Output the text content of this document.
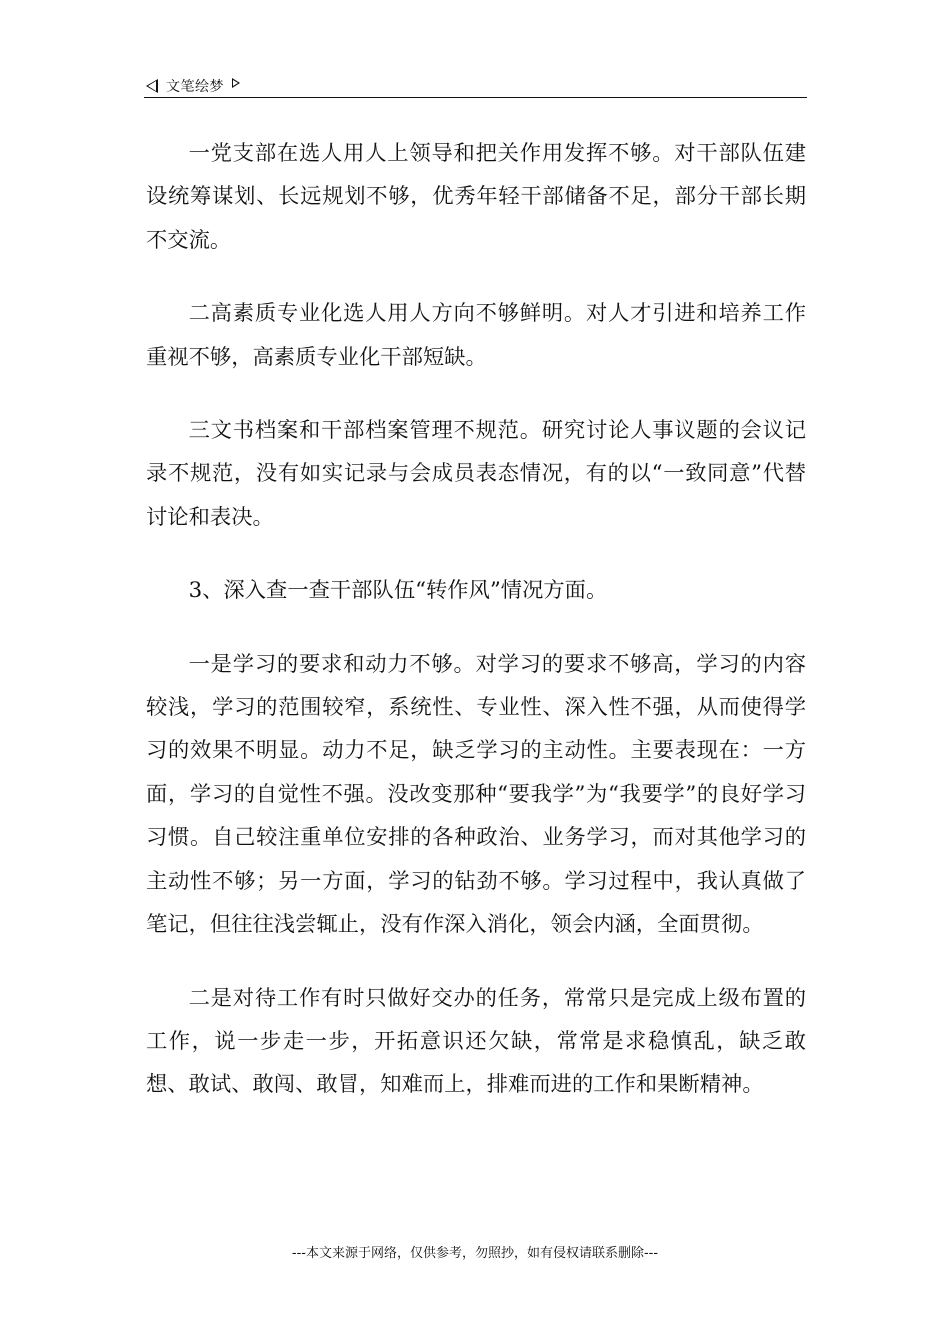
文笔绘梦

一党支部在选人用人上领导和把关作用发挥不够。对干部队伍建设统筹谋划、长远规划不够，优秀年轻干部储备不足，部分干部长期不交流。

二高素质专业化选人用人方向不够鲜明。对人才引进和培养工作重视不够，高素质专业化干部短缺。

三文书档案和干部档案管理不规范。研究讨论人事议题的会议记录不规范，没有如实记录与会成员表态情况，有的以“一致同意”代替讨论和表决。

3、深入查一查干部队伍“转作风”情况方面。

一是学习的要求和动力不够。对学习的要求不够高，学习的内容较浅，学习的范围较窄，系统性、专业性、深入性不强，从而使得学习的效果不明显。动力不足，缺乏学习的主动性。主要表现在：一方面，学习的自觉性不强。没改变那种“要我学”为“我要学”的良好学习习惯。自己较注重单位安排的各种政治、业务学习，而对其他学习的主动性不够；另一方面，学习的钻劲不够。学习过程中，我认真做了笔记，但往往浅尝辄止，没有作深入消化，领会内涵，全面贯彻。

二是对待工作有时只做好交办的任务，常常只是完成上级布置的工作，说一步走一步，开拓意识还欠缺，常常是求稳慎乱，缺乏敢想、敢试、敢闯、敢冒，知难而上，排难而进的工作和果断精神。

---本文来源于网络，仅供参考，勿照抄，如有侵权请联系删除---
